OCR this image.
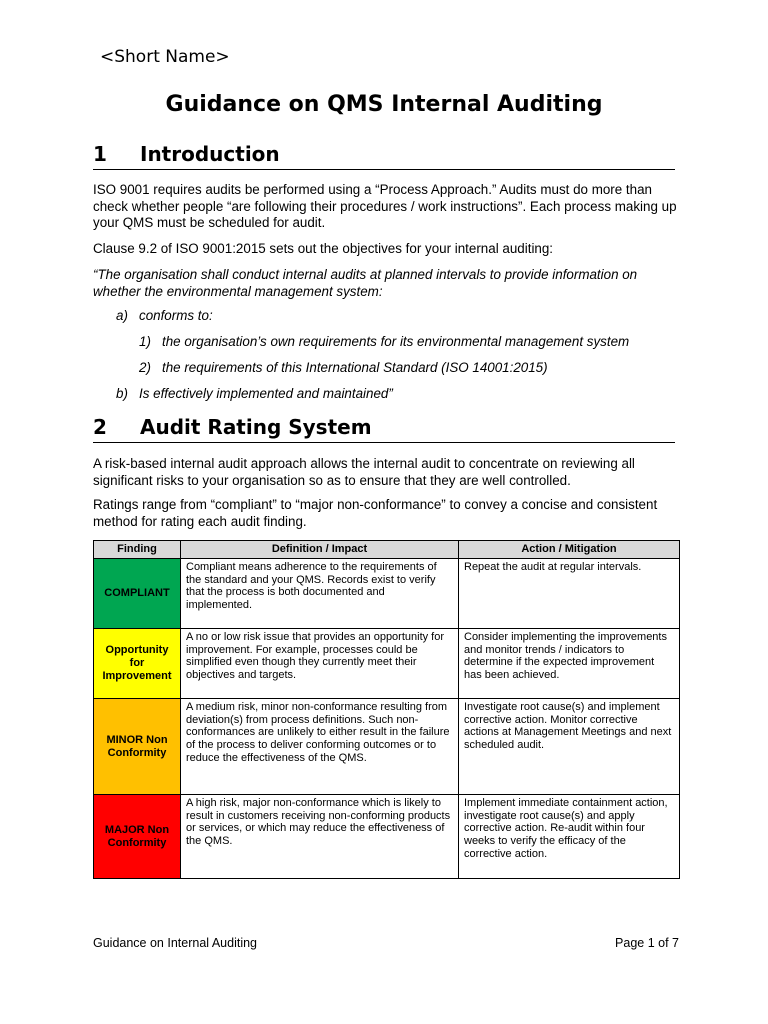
<Short Name>
Guidance on QMS Internal Auditing
1 Introduction

ISO 9001 requires audits be performed using a “Process Approach.” Audits must do more than check whether people “are following their procedures / work instructions”. Each process making up your QMS must be scheduled for audit.

Clause 9.2 of ISO 9001:2015 sets out the objectives for your internal auditing:

“The organisation shall conduct internal audits at planned intervals to provide information on whether the environmental management system:

a) conforms to:
1) the organisation’s own requirements for its environmental management system
2) the requirements of this International Standard (ISO 14001:2015)
b) Is effectively implemented and maintained”
2 Audit Rating System

A risk-based internal audit approach allows the internal audit to concentrate on reviewing all significant risks to your organisation so as to ensure that they are well controlled.

Ratings range from “compliant” to “major non-conformance” to convey a concise and consistent method for rating each audit finding.

Finding	Definition / Impact	Action / Mitigation
COMPLIANT	Compliant means adherence to the requirements of the standard and your QMS. Records exist to verify that the process is both documented and implemented.	Repeat the audit at regular intervals.
Opportunity for Improvement	A no or low risk issue that provides an opportunity for improvement. For example, processes could be simplified even though they currently meet their objectives and targets.	Consider implementing the improvements and monitor trends / indicators to determine if the expected improvement has been achieved.
MINOR Non Conformity	A medium risk, minor non-conformance resulting from deviation(s) from process definitions. Such non-conformances are unlikely to either result in the failure of the process to deliver conforming outcomes or to reduce the effectiveness of the QMS.	Investigate root cause(s) and implement corrective action. Monitor corrective actions at Management Meetings and next scheduled audit.
MAJOR Non Conformity	A high risk, major non-conformance which is likely to result in customers receiving non-conforming products or services, or which may reduce the effectiveness of the QMS.	Implement immediate containment action, investigate root cause(s) and apply corrective action. Re-audit within four weeks to verify the efficacy of the corrective action.
Guidance on Internal Auditing	Page 1 of 7
